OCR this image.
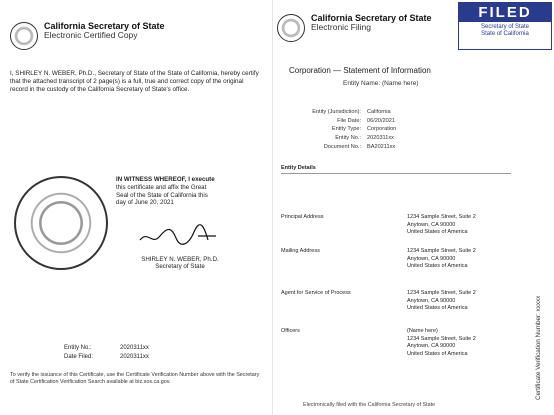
California Secretary of State
Electronic Certified Copy
I, SHIRLEY N. WEBER, Ph.D., Secretary of State of the State of California, hereby certify that the attached transcript of 2 page(s) is a full, true and correct copy of the original record in the custody of the California Secretary of State's office.
IN WITNESS WHEREOF, I execute
this certificate and affix the Great
Seal of the State of California this
day of June 20, 2021
SHIRLEY N. WEBER, Ph.D.
Secretary of State
Entity No.:	2020311xx
Date Filed:	2020311xx
To verify the issuance of this Certificate, use the Certificate Verification Number above with the Secretary of State Certification Verification Search available at biz.sos.ca.gov.
California Secretary of State
Electronic Filing
Corporation — Statement of Information
Entity Name: (Name here)
Entity (Jurisdiction):	California
File Date:	06/20/2021
Entity Type:	Corporation
Entity No.:	2020311xx
Document No.:	BA20211xx
Entity Details
Principal Address	1234 Sample Street, Suite 2
Anytown, CA 90000
United States of America
Mailing Address	1234 Sample Street, Suite 2
Anytown, CA 90000
United States of America
Agent for Service of Process	1234 Sample Street, Suite 2
Anytown, CA 90000
United States of America
Officers	(Name here)
1234 Sample Street, Suite 2
Anytown, CA 90000
United States of America	Certificate Verification Number: xxxxx
Electronically filed with the California Secretary of State
FILED
Secretary of State
State of California
